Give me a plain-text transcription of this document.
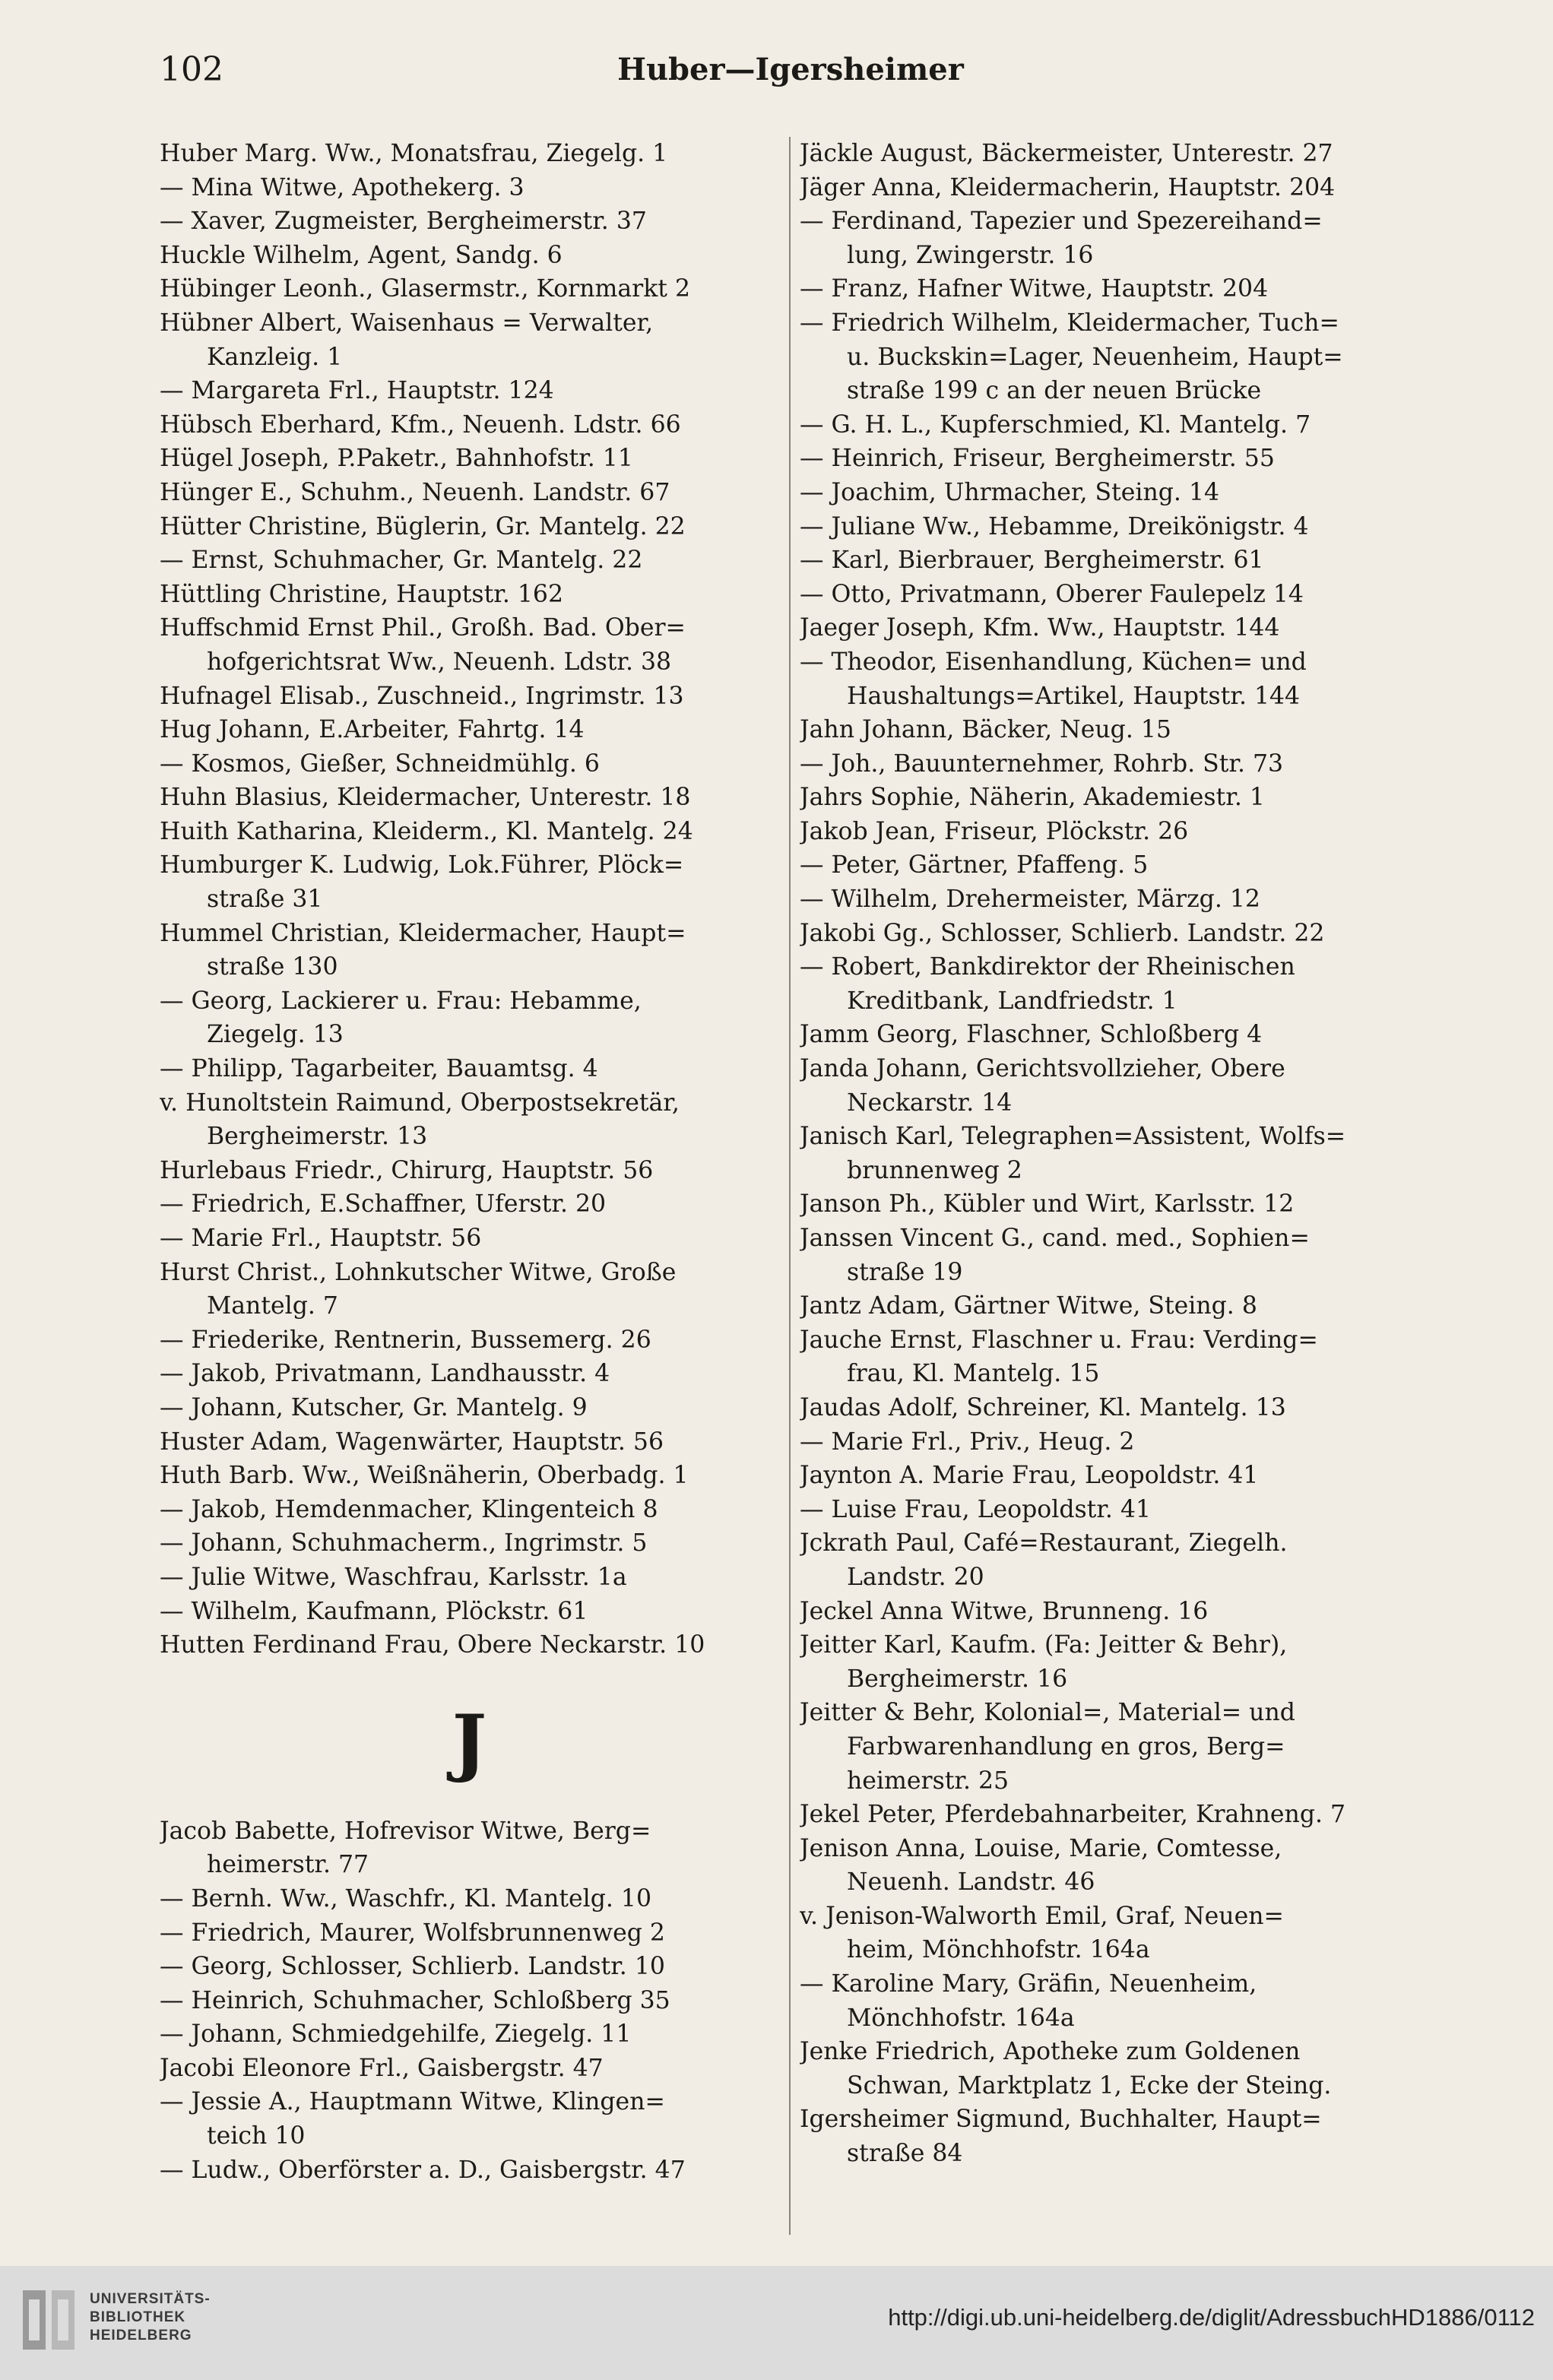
102	Huber—Igersheimer
Huber Marg. Ww., Monatsfrau, Ziegelg. 1
— Mina Witwe, Apothekerg. 3
— Xaver, Zugmeister, Bergheimerstr. 37
Huckle Wilhelm, Agent, Sandg. 6
Hübinger Leonh., Glasermstr., Kornmarkt 2
Hübner Albert, Waisenhaus = Verwalter,
Kanzleig. 1
— Margareta Frl., Hauptstr. 124
Hübsch Eberhard, Kfm., Neuenh. Ldstr. 66
Hügel Joseph, P.Paketr., Bahnhofstr. 11
Hünger E., Schuhm., Neuenh. Landstr. 67
Hütter Christine, Büglerin, Gr. Mantelg. 22
— Ernst, Schuhmacher, Gr. Mantelg. 22
Hüttling Christine, Hauptstr. 162
Huffschmid Ernst Phil., Großh. Bad. Ober=
hofgerichtsrat Ww., Neuenh. Ldstr. 38
Hufnagel Elisab., Zuschneid., Ingrimstr. 13
Hug Johann, E.Arbeiter, Fahrtg. 14
— Kosmos, Gießer, Schneidmühlg. 6
Huhn Blasius, Kleidermacher, Unterestr. 18
Huith Katharina, Kleiderm., Kl. Mantelg. 24
Humburger K. Ludwig, Lok.Führer, Plöck=
straße 31
Hummel Christian, Kleidermacher, Haupt=
straße 130
— Georg, Lackierer u. Frau: Hebamme,
Ziegelg. 13
— Philipp, Tagarbeiter, Bauamtsg. 4
v. Hunoltstein Raimund, Oberpostsekretär,
Bergheimerstr. 13
Hurlebaus Friedr., Chirurg, Hauptstr. 56
— Friedrich, E.Schaffner, Uferstr. 20
— Marie Frl., Hauptstr. 56
Hurst Christ., Lohnkutscher Witwe, Große
Mantelg. 7
— Friederike, Rentnerin, Bussemerg. 26
— Jakob, Privatmann, Landhausstr. 4
— Johann, Kutscher, Gr. Mantelg. 9
Huster Adam, Wagenwärter, Hauptstr. 56
Huth Barb. Ww., Weißnäherin, Oberbadg. 1
— Jakob, Hemdenmacher, Klingenteich 8
— Johann, Schuhmacherm., Ingrimstr. 5
— Julie Witwe, Waschfrau, Karlsstr. 1a
— Wilhelm, Kaufmann, Plöckstr. 61
Hutten Ferdinand Frau, Obere Neckarstr. 10
J
Jacob Babette, Hofrevisor Witwe, Berg=
heimerstr. 77
— Bernh. Ww., Waschfr., Kl. Mantelg. 10
— Friedrich, Maurer, Wolfsbrunnenweg 2
— Georg, Schlosser, Schlierb. Landstr. 10
— Heinrich, Schuhmacher, Schloßberg 35
— Johann, Schmiedgehilfe, Ziegelg. 11
Jacobi Eleonore Frl., Gaisbergstr. 47
— Jessie A., Hauptmann Witwe, Klingen=
teich 10
— Ludw., Oberförster a. D., Gaisbergstr. 47
Jäckle August, Bäckermeister, Unterestr. 27
Jäger Anna, Kleidermacherin, Hauptstr. 204
— Ferdinand, Tapezier und Spezereihand=
lung, Zwingerstr. 16
— Franz, Hafner Witwe, Hauptstr. 204
— Friedrich Wilhelm, Kleidermacher, Tuch=
u. Buckskin=Lager, Neuenheim, Haupt=
straße 199 c an der neuen Brücke
— G. H. L., Kupferschmied, Kl. Mantelg. 7
— Heinrich, Friseur, Bergheimerstr. 55
— Joachim, Uhrmacher, Steing. 14
— Juliane Ww., Hebamme, Dreikönigstr. 4
— Karl, Bierbrauer, Bergheimerstr. 61
— Otto, Privatmann, Oberer Faulepelz 14
Jaeger Joseph, Kfm. Ww., Hauptstr. 144
— Theodor, Eisenhandlung, Küchen= und
Haushaltungs=Artikel, Hauptstr. 144
Jahn Johann, Bäcker, Neug. 15
— Joh., Bauunternehmer, Rohrb. Str. 73
Jahrs Sophie, Näherin, Akademiestr. 1
Jakob Jean, Friseur, Plöckstr. 26
— Peter, Gärtner, Pfaffeng. 5
— Wilhelm, Drehermeister, Märzg. 12
Jakobi Gg., Schlosser, Schlierb. Landstr. 22
— Robert, Bankdirektor der Rheinischen
Kreditbank, Landfriedstr. 1
Jamm Georg, Flaschner, Schloßberg 4
Janda Johann, Gerichtsvollzieher, Obere
Neckarstr. 14
Janisch Karl, Telegraphen=Assistent, Wolfs=
brunnenweg 2
Janson Ph., Kübler und Wirt, Karlsstr. 12
Janssen Vincent G., cand. med., Sophien=
straße 19
Jantz Adam, Gärtner Witwe, Steing. 8
Jauche Ernst, Flaschner u. Frau: Verding=
frau, Kl. Mantelg. 15
Jaudas Adolf, Schreiner, Kl. Mantelg. 13
— Marie Frl., Priv., Heug. 2
Jaynton A. Marie Frau, Leopoldstr. 41
— Luise Frau, Leopoldstr. 41
Jckrath Paul, Café=Restaurant, Ziegelh.
Landstr. 20
Jeckel Anna Witwe, Brunneng. 16
Jeitter Karl, Kaufm. (Fa: Jeitter & Behr),
Bergheimerstr. 16
Jeitter & Behr, Kolonial=, Material= und
Farbwarenhandlung en gros, Berg=
heimerstr. 25
Jekel Peter, Pferdebahnarbeiter, Krahneng. 7
Jenison Anna, Louise, Marie, Comtesse,
Neuenh. Landstr. 46
v. Jenison-Walworth Emil, Graf, Neuen=
heim, Mönchhofstr. 164a
— Karoline Mary, Gräfin, Neuenheim,
Mönchhofstr. 164a
Jenke Friedrich, Apotheke zum Goldenen
Schwan, Marktplatz 1, Ecke der Steing.
Igersheimer Sigmund, Buchhalter, Haupt=
straße 84
UNIVERSITÄTS-
BIBLIOTHEK
HEIDELBERG
http://digi.ub.uni-heidelberg.de/diglit/AdressbuchHD1886/0112
